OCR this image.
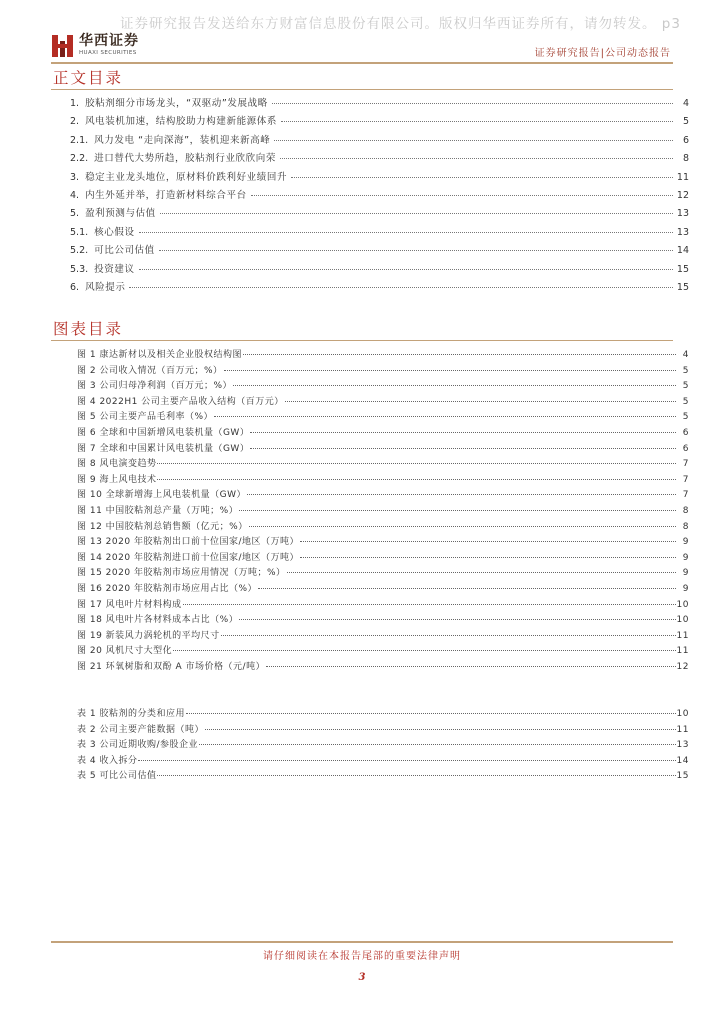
证券研究报告发送给东方财富信息股份有限公司。版权归华西证券所有，请勿转发。 p3
华西证券
HUAXI SECURITIES	证券研究报告|公司动态报告
正文目录
1. 胶粘剂细分市场龙头，“双驱动”发展战略	4
2. 风电装机加速，结构胶助力构建新能源体系	5
2.1. 风力发电 “走向深海”，装机迎来新高峰	6
2.2. 进口替代大势所趋，胶粘剂行业欣欣向荣	8
3. 稳定主业龙头地位，原材料价跌利好业绩回升	11
4. 内生外延并举，打造新材料综合平台	12
5. 盈利预测与估值	13
5.1. 核心假设	13
5.2. 可比公司估值	14
5.3. 投资建议	15
6. 风险提示	15
图表目录
图 1 康达新材以及相关企业股权结构图	4
图 2 公司收入情况（百万元；%）	5
图 3 公司归母净利润（百万元；%）	5
图 4 2022H1 公司主要产品收入结构（百万元）	5
图 5 公司主要产品毛利率（%）	5
图 6 全球和中国新增风电装机量（GW）	6
图 7 全球和中国累计风电装机量（GW）	6
图 8 风电演变趋势	7
图 9 海上风电技术	7
图 10 全球新增海上风电装机量（GW）	7
图 11 中国胶粘剂总产量（万吨；%）	8
图 12 中国胶粘剂总销售额（亿元；%）	8
图 13 2020 年胶粘剂出口前十位国家/地区（万吨）	9
图 14 2020 年胶粘剂进口前十位国家/地区（万吨）	9
图 15 2020 年胶粘剂市场应用情况（万吨；%）	9
图 16 2020 年胶粘剂市场应用占比（%）	9
图 17 风电叶片材料构成	10
图 18 风电叶片各材料成本占比（%）	10
图 19 新装风力涡轮机的平均尺寸	11
图 20 风机尺寸大型化	11
图 21 环氧树脂和双酚 A 市场价格（元/吨）	12
表 1 胶粘剂的分类和应用	10
表 2 公司主要产能数据（吨）	11
表 3 公司近期收购/参股企业	13
表 4 收入拆分	14
表 5 可比公司估值	15
请仔细阅读在本报告尾部的重要法律声明
3
